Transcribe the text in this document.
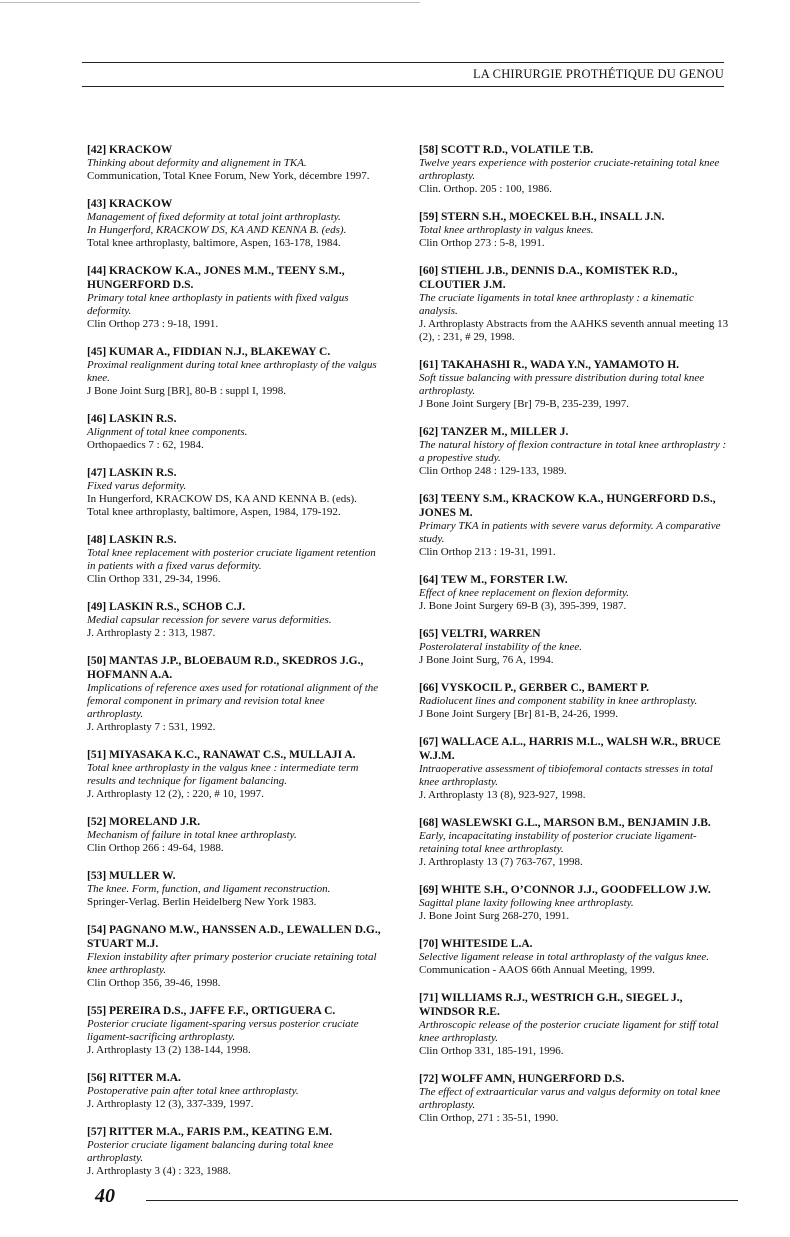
LA CHIRURGIE PROTHÉTIQUE DU GENOU
[42] KRACKOW
Thinking about deformity and alignement in TKA.
Communication, Total Knee Forum, New York, décembre 1997.
[43] KRACKOW
Management of fixed deformity at total joint arthroplasty.
In Hungerford, KRACKOW DS, KA AND KENNA B. (eds).
Total knee arthroplasty, baltimore, Aspen, 163-178, 1984.
[44] KRACKOW K.A., JONES M.M., TEENY S.M., HUNGERFORD D.S.
Primary total knee arthoplasty in patients with fixed valgus deformity.
Clin Orthop 273 : 9-18, 1991.
[45] KUMAR A., FIDDIAN N.J., BLAKEWAY C.
Proximal realignment during total knee arthroplasty of the valgus knee.
J Bone Joint Surg [BR], 80-B : suppl I, 1998.
[46] LASKIN R.S.
Alignment of total knee components.
Orthopaedics 7 : 62, 1984.
[47] LASKIN R.S.
Fixed varus deformity.
In Hungerford, KRACKOW DS, KA AND KENNA B. (eds).
Total knee arthroplasty, baltimore, Aspen, 1984, 179-192.
[48] LASKIN R.S.
Total knee replacement with posterior cruciate ligament retention in patients with a fixed varus deformity.
Clin Orthop 331, 29-34, 1996.
[49] LASKIN R.S., SCHOB C.J.
Medial capsular recession for severe varus deformities.
J. Arthroplasty 2 : 313, 1987.
[50] MANTAS J.P., BLOEBAUM R.D., SKEDROS J.G., HOFMANN A.A.
Implications of reference axes used for rotational alignment of the femoral component in primary and revision total knee arthroplasty.
J. Arthroplasty 7 : 531, 1992.
[51] MIYASAKA K.C., RANAWAT C.S., MULLAJI A.
Total knee arthroplasty in the valgus knee : intermediate term results and technique for ligament balancing.
J. Arthroplasty 12 (2), : 220, # 10, 1997.
[52] MORELAND J.R.
Mechanism of failure in total knee arthroplasty.
Clin Orthop 266 : 49-64, 1988.
[53] MULLER W.
The knee. Form, function, and ligament reconstruction.
Springer-Verlag. Berlin Heidelberg New York 1983.
[54] PAGNANO M.W., HANSSEN A.D., LEWALLEN D.G., STUART M.J.
Flexion instability after primary posterior cruciate retaining total knee arthroplasty.
Clin Orthop 356, 39-46, 1998.
[55] PEREIRA D.S., JAFFE F.F., ORTIGUERA C.
Posterior cruciate ligament-sparing versus posterior cruciate ligament-sacrificing arthroplasty.
J. Arthroplasty 13 (2) 138-144, 1998.
[56] RITTER M.A.
Postoperative pain after total knee arthroplasty.
J. Arthroplasty 12 (3), 337-339, 1997.
[57] RITTER M.A., FARIS P.M., KEATING E.M.
Posterior cruciate ligament balancing during total knee arthroplasty.
J. Arthroplasty 3 (4) : 323, 1988.
[58] SCOTT R.D., VOLATILE T.B.
Twelve years experience with posterior cruciate-retaining total knee arthroplasty.
Clin. Orthop. 205 : 100, 1986.
[59] STERN S.H., MOECKEL B.H., INSALL J.N.
Total knee arthroplasty in valgus knees.
Clin Orthop 273 : 5-8, 1991.
[60] STIEHL J.B., DENNIS D.A., KOMISTEK R.D., CLOUTIER J.M.
The cruciate ligaments in total knee arthroplasty : a kinematic analysis.
J. Arthroplasty Abstracts from the AAHKS seventh annual meeting 13 (2), : 231, # 29, 1998.
[61] TAKAHASHI R., WADA Y.N., YAMAMOTO H.
Soft tissue balancing with pressure distribution during total knee arthroplasty.
J Bone Joint Surgery [Br] 79-B, 235-239, 1997.
[62] TANZER M., MILLER J.
The natural history of flexion contracture in total knee arthroplastry : a propestive study.
Clin Orthop 248 : 129-133, 1989.
[63] TEENY S.M., KRACKOW K.A., HUNGERFORD D.S., JONES M.
Primary TKA in patients with severe varus deformity. A comparative study.
Clin Orthop 213 : 19-31, 1991.
[64] TEW M., FORSTER I.W.
Effect of knee replacement on flexion deformity.
J. Bone Joint Surgery 69-B (3), 395-399, 1987.
[65] VELTRI, WARREN
Posterolateral instability of the knee.
J Bone Joint Surg, 76 A, 1994.
[66] VYSKOCIL P., GERBER C., BAMERT P.
Radiolucent lines and component stability in knee arthroplasty.
J Bone Joint Surgery [Br] 81-B, 24-26, 1999.
[67] WALLACE A.L., HARRIS M.L., WALSH W.R., BRUCE W.J.M.
Intraoperative assessment of tibiofemoral contacts stresses in total knee arthroplasty.
J. Arthroplasty 13 (8), 923-927, 1998.
[68] WASLEWSKI G.L., MARSON B.M., BENJAMIN J.B.
Early, incapacitating instability of posterior cruciate ligament-retaining total knee arthroplasty.
J. Arthroplasty 13 (7) 763-767, 1998.
[69] WHITE S.H., O’CONNOR J.J., GOODFELLOW J.W.
Sagittal plane laxity following knee arthroplasty.
J. Bone Joint Surg 268-270, 1991.
[70] WHITESIDE L.A.
Selective ligament release in total arthroplasty of the valgus knee.
Communication - AAOS 66th Annual Meeting, 1999.
[71] WILLIAMS R.J., WESTRICH G.H., SIEGEL J., WINDSOR R.E.
Arthroscopic release of the posterior cruciate ligament for stiff total knee arthroplasty.
Clin Orthop 331, 185-191, 1996.
[72] WOLFF AMN, HUNGERFORD D.S.
The effect of extraarticular varus and valgus deformity on total knee arthroplasty.
Clin Orthop, 271 : 35-51, 1990.
40
